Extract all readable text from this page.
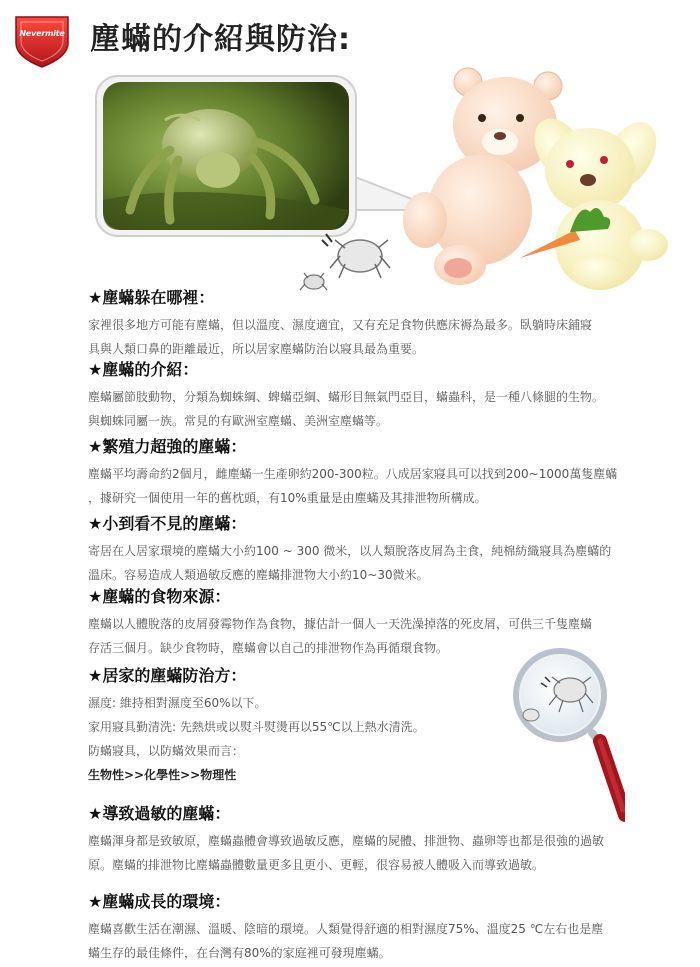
Nevermite 塵蟎的介紹與防治:
★塵蟎躲在哪裡：

家裡很多地方可能有塵蟎，但以溫度、濕度適宜，又有充足食物供應床褥為最多。臥躺時床鋪寢

具與人類口鼻的距離最近，所以居家塵蟎防治以寢具最為重要。

★塵蟎的介紹：

塵蟎屬節肢動物，分類為蜘蛛綱、蜱蟎亞綱、蟎形目無氣門亞目，蟎蟲科，是一種八條腿的生物。

與蜘蛛同屬一族。常見的有歐洲室塵蟎、美洲室塵蟎等。

★繁殖力超強的塵蟎：

塵蟎平均壽命約2個月，雌塵蟎一生產卵約200-300粒。八成居家寢具可以找到200~1000萬隻塵蟎

，據研究一個使用一年的舊枕頭，有10%重量是由塵蟎及其排泄物所構成。

★小到看不見的塵蟎：

寄居在人居家環境的塵蟎大小約100 ~ 300 微米，以人類脫落皮屑為主食，純棉紡織寢具為塵蟎的

溫床。容易造成人類過敏反應的塵蟎排泄物大小約10~30微米。

★塵蟎的食物來源：

塵蟎以人體脫落的皮屑發霉物作為食物，據估計一個人一天洗澡掉落的死皮屑，可供三千隻塵蟎

存活三個月。缺少食物時，塵蟎會以自己的排泄物作為再循環食物。

★居家的塵蟎防治方：

濕度: 維持相對濕度至60%以下。

家用寢具勤清洗: 先熱烘或以熨斗熨燙再以55℃以上熱水清洗。

防蟎寢具，以防蟎效果而言：

生物性>>化學性>>物理性

★導致過敏的塵蟎：

塵蟎渾身都是致敏原，塵蟎蟲體會導致過敏反應，塵蟎的屍體、排泄物、蟲卵等也都是很強的過敏

原。塵蟎的排泄物比塵蟎蟲體數量更多且更小、更輕，很容易被人體吸入而導致過敏。

★塵蟎成長的環境：

塵蟎喜歡生活在潮濕、溫暖、陰暗的環境。人類覺得舒適的相對濕度75%、溫度25 ℃左右也是塵

蟎生存的最佳條件，在台灣有80%的家庭裡可發現塵蟎。
